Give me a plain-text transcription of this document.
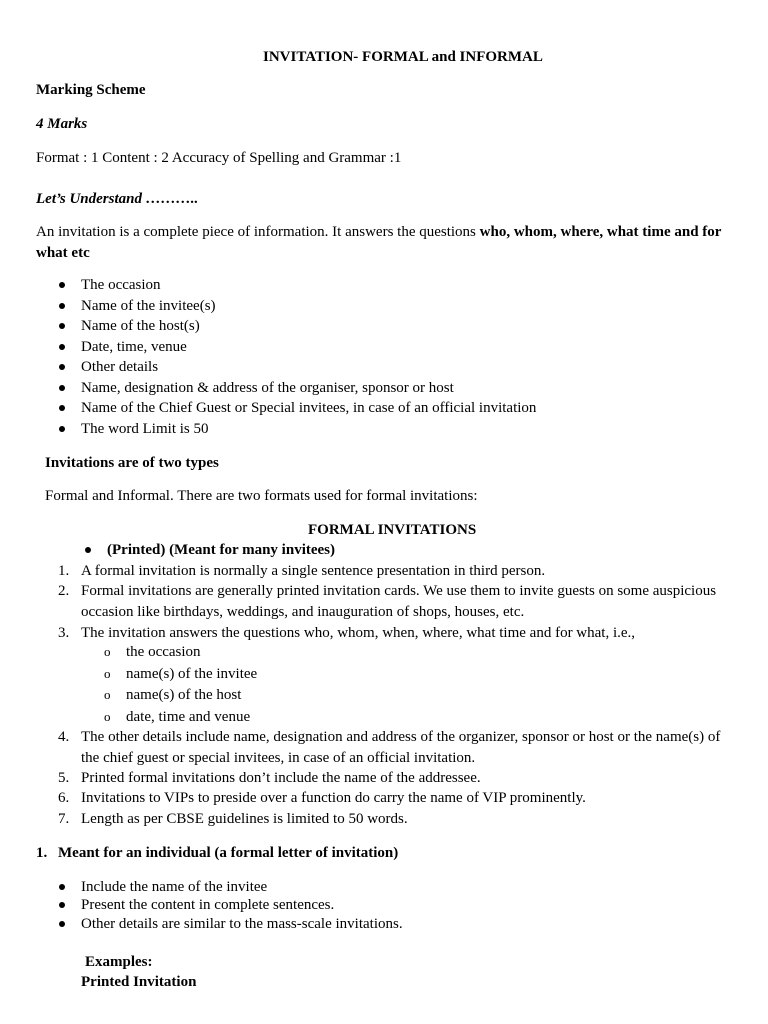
INVITATION- FORMAL and INFORMAL
Marking Scheme
4 Marks
Format : 1 Content : 2 Accuracy of Spelling and Grammar :1
Let’s Understand ………..
An invitation is a complete piece of information. It answers the questions who, whom, where, what time and for
what etc
The occasion
Name of the invitee(s)
Name of the host(s)
Date, time, venue
Other details
Name, designation & address of the organiser, sponsor or host
Name of the Chief Guest or Special invitees, in case of an official invitation
The word Limit is 50
Invitations are of two types
Formal and Informal. There are two formats used for formal invitations:
FORMAL INVITATIONS
(Printed) (Meant for many invitees)
1. A formal invitation is normally a single sentence presentation in third person.
2. Formal invitations are generally printed invitation cards. We use them to invite guests on some auspicious
occasion like birthdays, weddings, and inauguration of shops, houses, etc.
3. The invitation answers the questions who, whom, when, where, what time and for what, i.e.,
o the occasion
o name(s) of the invitee
o name(s) of the host
o date, time and venue
4. The other details include name, designation and address of the organizer, sponsor or host or the name(s) of
the chief guest or special invitees, in case of an official invitation.
5. Printed formal invitations don’t include the name of the addressee.
6. Invitations to VIPs to preside over a function do carry the name of VIP prominently.
7. Length as per CBSE guidelines is limited to 50 words.
1. Meant for an individual (a formal letter of invitation)
Include the name of the invitee
Present the content in complete sentences.
Other details are similar to the mass-scale invitations.
Examples:
Printed Invitation
